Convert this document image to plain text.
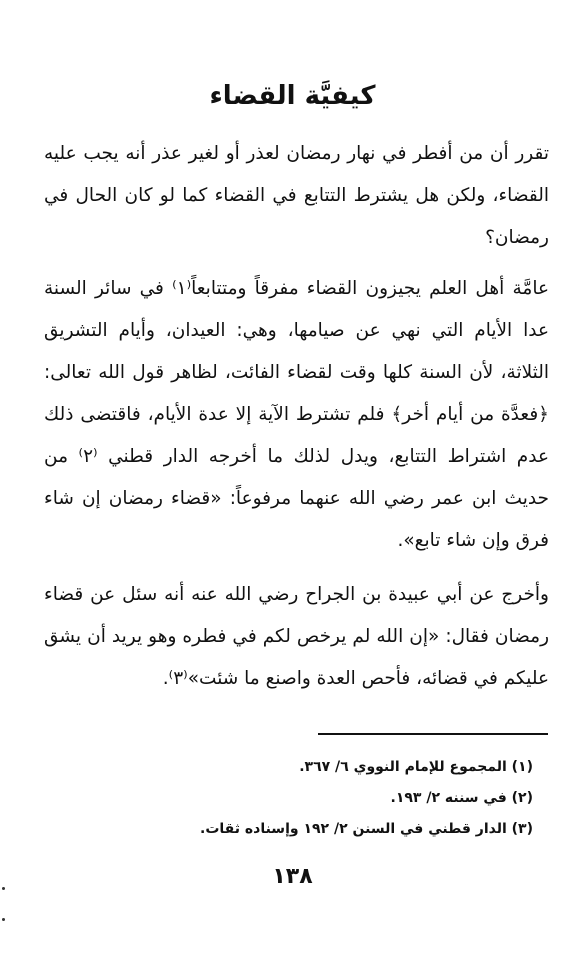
كيفيَّة القضاء

تقرر أن من أفطر في نهار رمضان لعذر أو لغير عذر أنه يجب عليه القضاء، ولكن هل يشترط التتابع في القضاء كما لو كان الحال في رمضان؟

عامَّة أهل العلم يجيزون القضاء مفرقاً ومتتابعاً⁽١⁾ في سائر السنة عدا الأيام التي نهي عن صيامها، وهي: العيدان، وأيام التشريق الثلاثة، لأن السنة كلها وقت لقضاء الفائت، لظاهر قول الله تعالى: ﴿فعدَّة من أيام أخر﴾ فلم تشترط الآية إلا عدة الأيام، فاقتضى ذلك عدم اشتراط التتابع، ويدل لذلك ما أخرجه الدار قطني ⁽٢⁾ من حديث ابن عمر رضي الله عنهما مرفوعاً: «قضاء رمضان إن شاء فرق وإن شاء تابع».

وأخرج عن أبي عبيدة بن الجراح رضي الله عنه أنه سئل عن قضاء رمضان فقال: «إن الله لم يرخص لكم في فطره وهو يريد أن يشق عليكم في قضائه، فأحص العدة واصنع ما شئت»⁽٣⁾.

(١) المجموع للإمام النووي ٦/ ٣٦٧.
(٢) في سننه ٢/ ١٩٣.
(٣) الدار قطني في السنن ٢/ ١٩٢ وإسناده ثقات.
١٣٨
